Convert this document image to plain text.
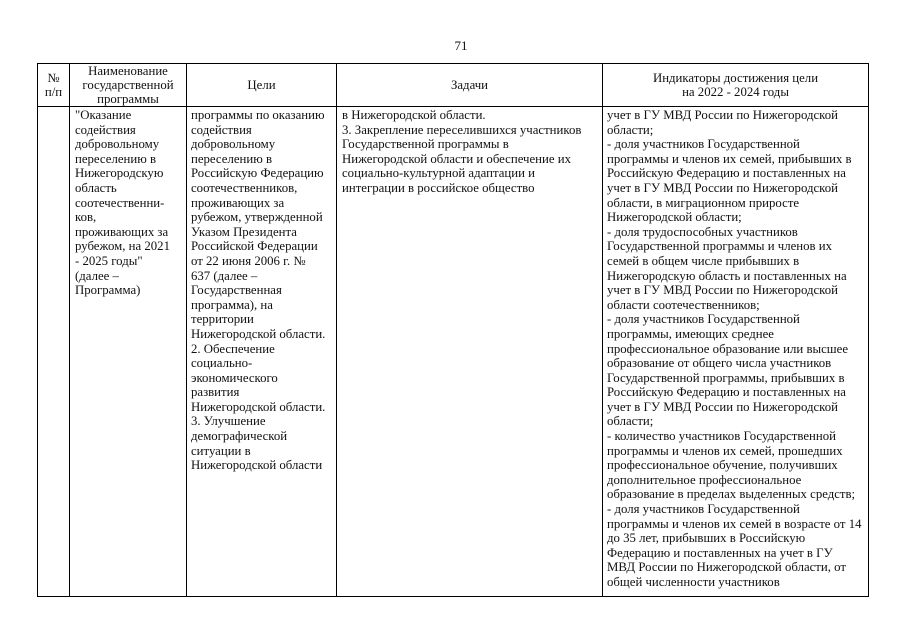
71
№
п/п
Наименование
государственной
программы
Цели	Задачи
Индикаторы достижения цели
на 2022 - 2024 годы
"Оказание
содействия
добровольному
переселению в
Нижегородскую
область
соотечественни-
ков,
проживающих за
рубежом, на 2021
- 2025 годы"
(далее –
Программа)
программы по оказанию
содействия
добровольному
переселению в
Российскую Федерацию
соотечественников,
проживающих за
рубежом, утвержденной
Указом Президента
Российской Федерации
от 22 июня 2006 г. №
637 (далее –
Государственная
программа), на
территории
Нижегородской области.
2. Обеспечение
социально-
экономического
развития
Нижегородской области.
3. Улучшение
демографической
ситуации в
Нижегородской области
в Нижегородской области.
3. Закрепление переселившихся участников
Государственной программы в
Нижегородской области и обеспечение их
социально-культурной адаптации и
интеграции в российское общество
учет в ГУ МВД России по Нижегородской
области;
- доля участников Государственной
программы и членов их семей, прибывших в
Российскую Федерацию и поставленных на
учет в ГУ МВД России по Нижегородской
области, в миграционном приросте
Нижегородской области;
- доля трудоспособных участников
Государственной программы и членов их
семей в общем числе прибывших в
Нижегородскую область и поставленных на
учет в ГУ МВД России по Нижегородской
области соотечественников;
- доля участников Государственной
программы, имеющих среднее
профессиональное образование или высшее
образование от общего числа участников
Государственной программы, прибывших в
Российскую Федерацию и поставленных на
учет в ГУ МВД России по Нижегородской
области;
- количество участников Государственной
программы и членов их семей, прошедших
профессиональное обучение, получивших
дополнительное профессиональное
образование в пределах выделенных средств;
- доля участников Государственной
программы и членов их семей в возрасте от 14
до 35 лет, прибывших в Российскую
Федерацию и поставленных на учет в ГУ
МВД России по Нижегородской области, от
общей численности участников
